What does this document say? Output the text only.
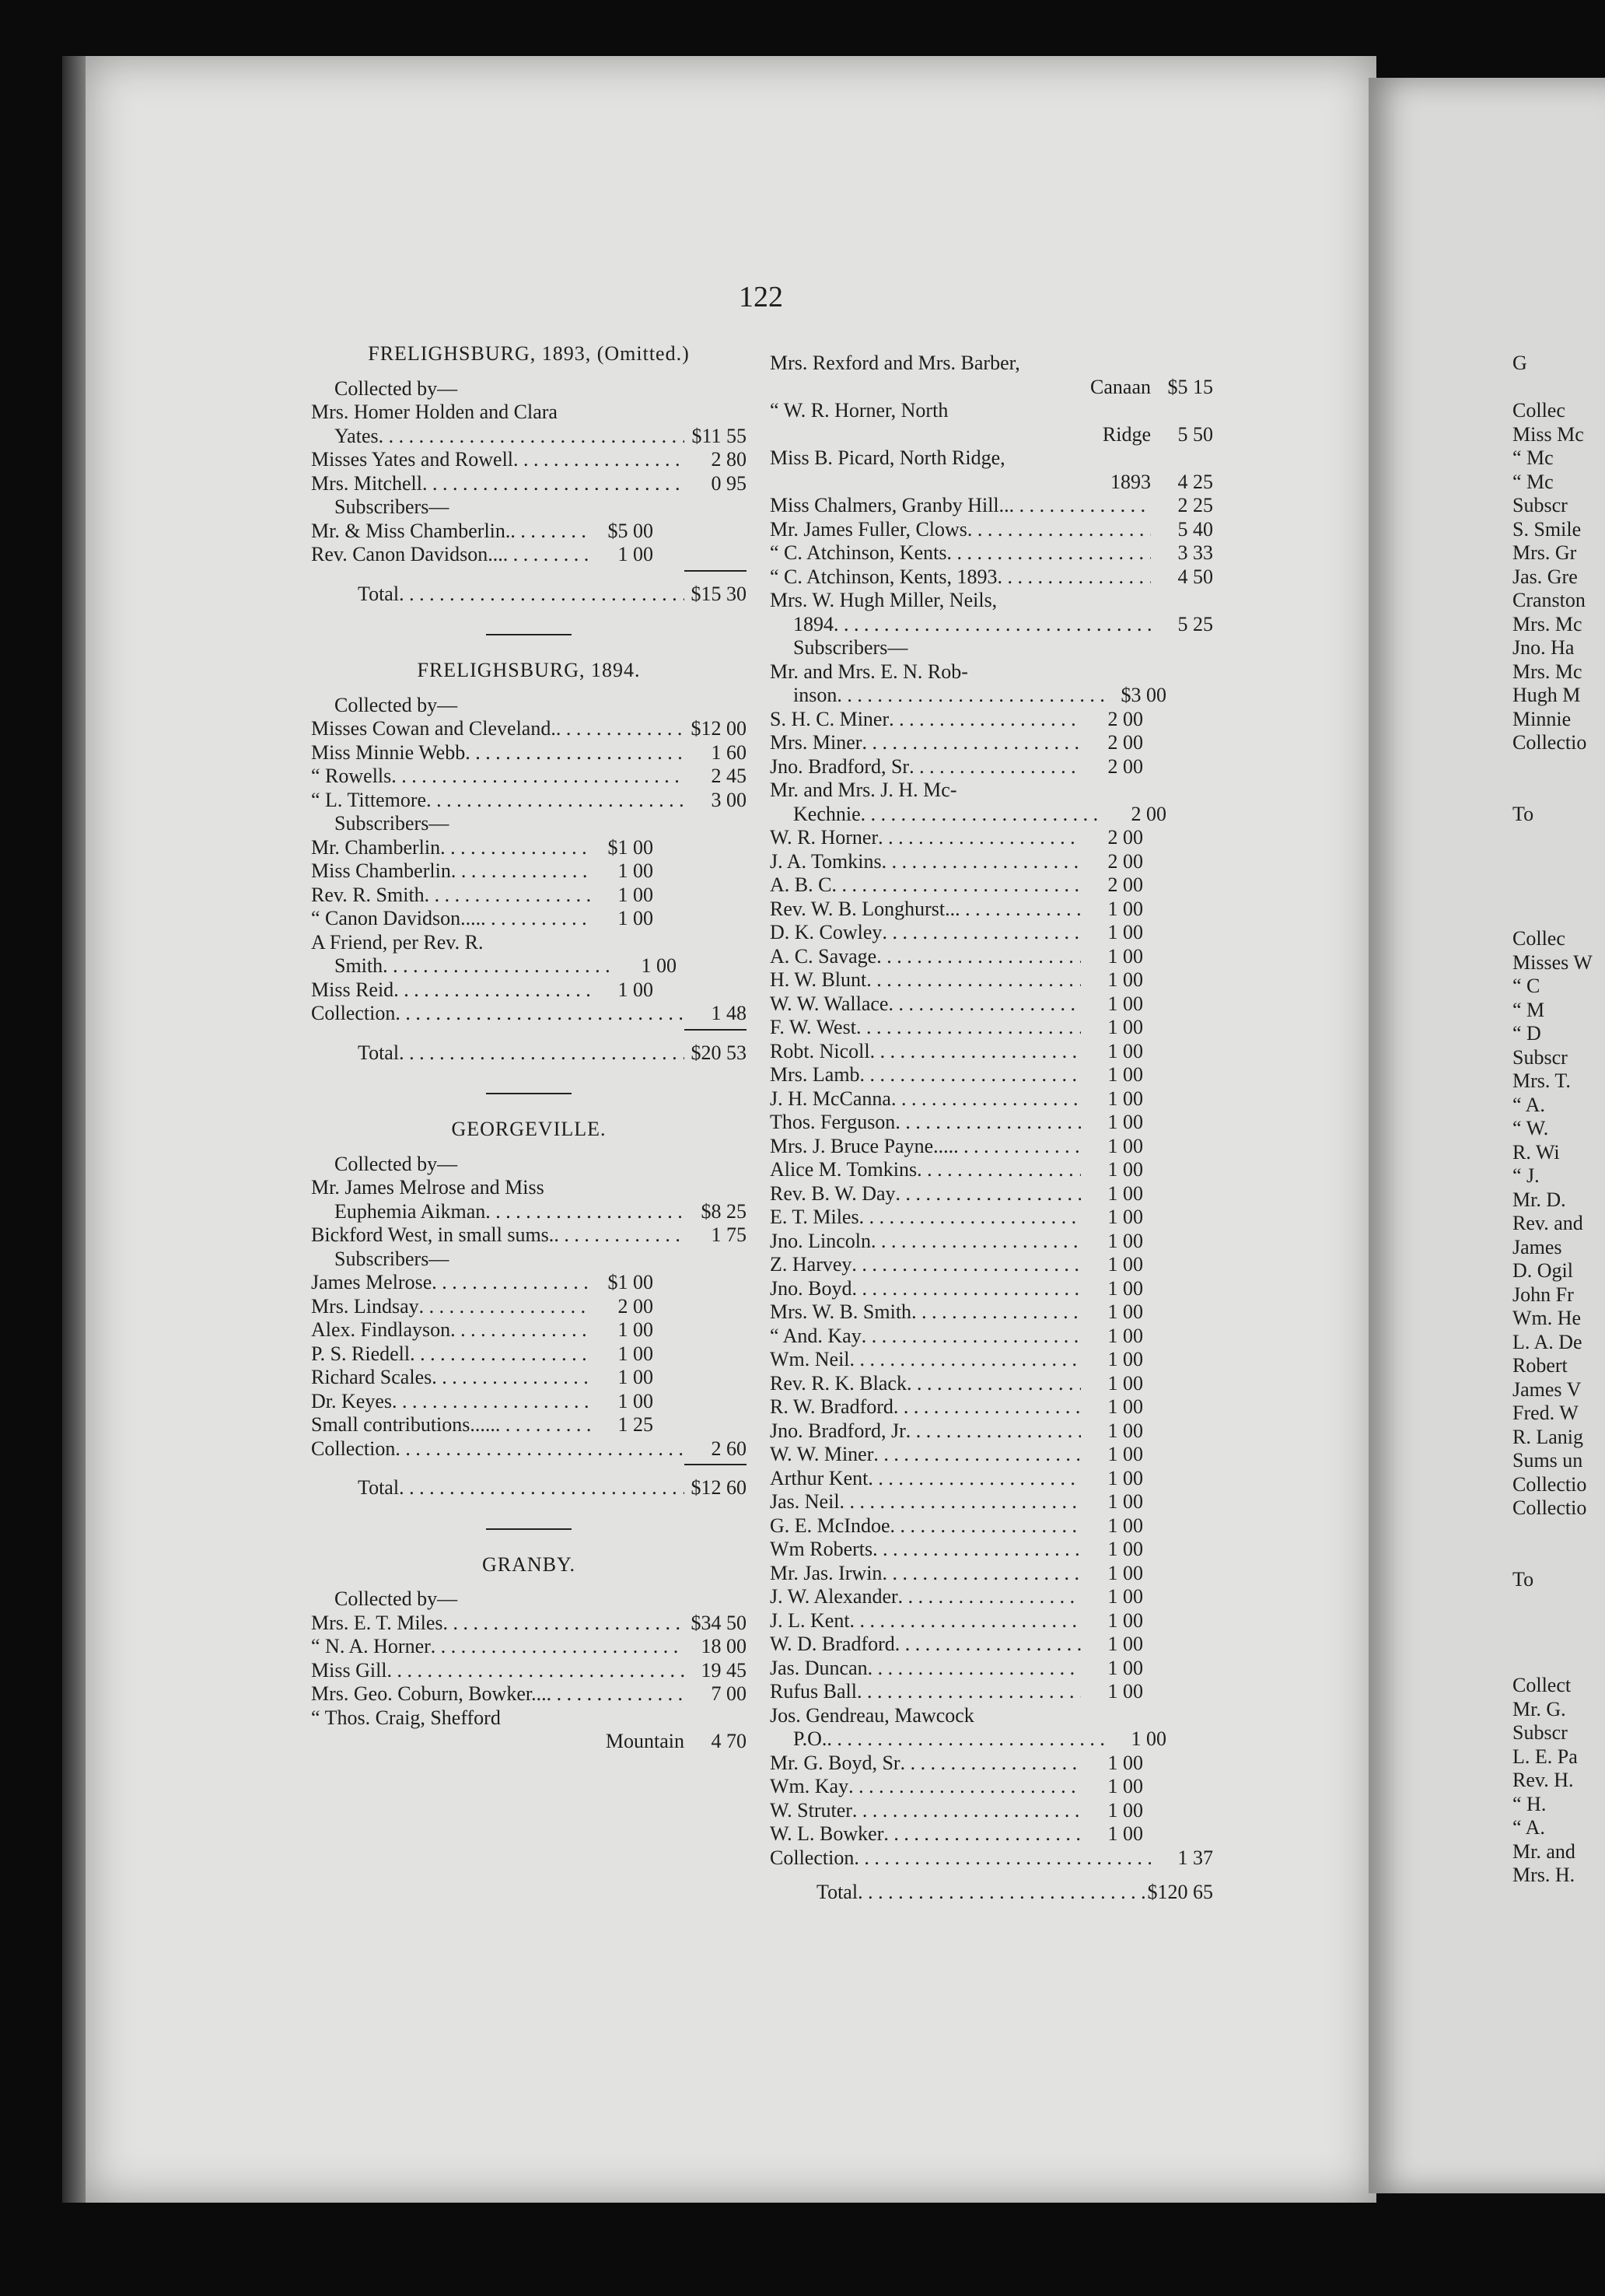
122
FRELIGHSBURG, 1893, (Omitted.)
Collected by—
Mrs. Homer Holden and Clara
Yates . . .	$11 55
Misses Yates and Rowell . . .	2 80
Mrs. Mitchell . . .	0 95
Subscribers—
Mr. & Miss Chamberlin. . . .	$5 00
Rev. Canon Davidson... . . .	1 00
Total . . .	$15 30
FRELIGHSBURG, 1894.
Collected by—
Misses Cowan and Cleveland. . . .	$12 00
Miss Minnie Webb . . .	1 60
“ Rowells . . .	2 45
“ L. Tittemore . . .	3 00
Subscribers—
Mr. Chamberlin . . .	$1 00
Miss Chamberlin . . .	1 00
Rev. R. Smith . . .	1 00
“ Canon Davidson.... . . .	1 00
A Friend, per Rev. R.
Smith . . .	1 00
Miss Reid . . .	1 00
Collection . . .	1 48
Total . . .	$20 53
GEORGEVILLE.
Collected by—
Mr. James Melrose and Miss
Euphemia Aikman . . .	$8 25
Bickford West, in small sums. . . .	1 75
Subscribers—
James Melrose . . .	$1 00
Mrs. Lindsay . . .	2 00
Alex. Findlayson . . .	1 00
P. S. Riedell . . .	1 00
Richard Scales . . .	1 00
Dr. Keyes . . .	1 00
Small contributions..... . . .	1 25
Collection . . .	2 60
Total . . .	$12 60
GRANBY.
Collected by—
Mrs. E. T. Miles . . .	$34 50
“ N. A. Horner . . .	18 00
Miss Gill . . .	19 45
Mrs. Geo. Coburn, Bowker... . . .	7 00
“ Thos. Craig, Shefford
Mountain	4 70
Mrs. Rexford and Mrs. Barber,
Canaan $5 15
“ W. R. Horner, North
Ridge	5 50
Miss B. Picard, North Ridge,
1893	4 25
Miss Chalmers, Granby Hill.. . . .	2 25
Mr. James Fuller, Clows . . .	5 40
“ C. Atchinson, Kents . . .	3 33
“ C. Atchinson, Kents, 1893 . . .	4 50
Mrs. W. Hugh Miller, Neils,
1894 . . .	5 25
Subscribers—
Mr. and Mrs. E. N. Rob-
inson . . .	$3 00
S. H. C. Miner . . .	2 00
Mrs. Miner . . .	2 00
Jno. Bradford, Sr . . .	2 00
Mr. and Mrs. J. H. Mc-
Kechnie . . .	2 00
W. R. Horner . . .	2 00
J. A. Tomkins . . .	2 00
A. B. C . . .	2 00
Rev. W. B. Longhurst.. . . .	1 00
D. K. Cowley . . .	1 00
A. C. Savage . . .	1 00
H. W. Blunt . . .	1 00
W. W. Wallace . . .	1 00
F. W. West . . .	1 00
Robt. Nicoll . . .	1 00
Mrs. Lamb . . .	1 00
J. H. McCanna . . .	1 00
Thos. Ferguson . . .	1 00
Mrs. J. Bruce Payne.... . . .	1 00
Alice M. Tomkins . . .	1 00
Rev. B. W. Day . . .	1 00
E. T. Miles . . .	1 00
Jno. Lincoln . . .	1 00
Z. Harvey . . .	1 00
Jno. Boyd . . .	1 00
Mrs. W. B. Smith . . .	1 00
“ And. Kay . . .	1 00
Wm. Neil . . .	1 00
Rev. R. K. Black . . .	1 00
R. W. Bradford . . .	1 00
Jno. Bradford, Jr . . .	1 00
W. W. Miner . . .	1 00
Arthur Kent . . .	1 00
Jas. Neil . . .	1 00
G. E. McIndoe . . .	1 00
Wm Roberts . . .	1 00
Mr. Jas. Irwin . . .	1 00
J. W. Alexander . . .	1 00
J. L. Kent . . .	1 00
W. D. Bradford . . .	1 00
Jas. Duncan . . .	1 00
Rufus Ball . . .	1 00
Jos. Gendreau, Mawcock
P.O. . . .	1 00
Mr. G. Boyd, Sr . . .	1 00
Wm. Kay . . .	1 00
W. Struter . . .	1 00
W. L. Bowker . . .	1 00
Collection . . .	1 37
Total . . .	$120 65
G

Collec
Miss Mc
“ Mc
“ Mc
Subscr
S. Smile
Mrs. Gr
Jas. Gre
Cranston
Mrs. Mc
Jno. Ha
Mrs. Mc
Hugh M
Minnie
Collectio

To
Collec
Misses W
“ C
“ M
“ D
Subscr
Mrs. T.
“ A.
“ W.
R. Wi
“ J.
Mr. D.
Rev. and
James
D. Ogil
John Fr
Wm. He
L. A. De
Robert
James V
Fred. W
R. Lanig
Sums un
Collectio
Collectio

To
Collect
Mr. G.
Subscr
L. E. Pa
Rev. H.
“ H.
“ A.
Mr. and
Mrs. H.
